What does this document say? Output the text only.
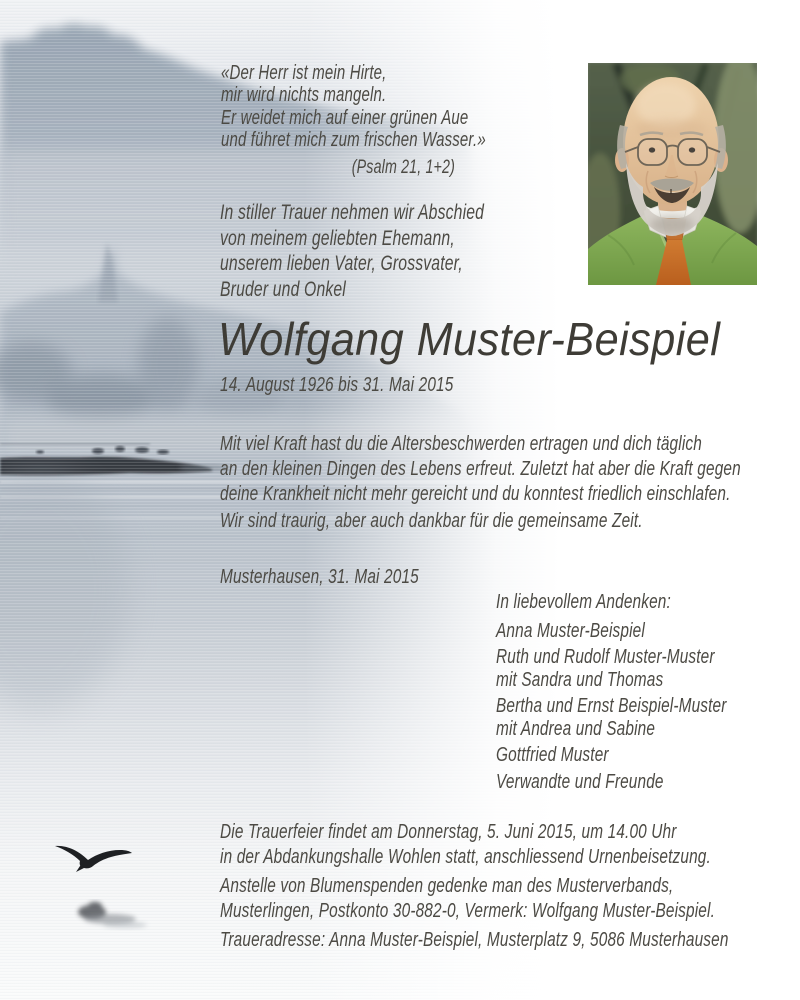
«Der Herr ist mein Hirte,
mir wird nichts mangeln.
Er weidet mich auf einer grünen Aue
und führet mich zum frischen Wasser.»
(Psalm 21, 1+2)
In stiller Trauer nehmen wir Abschied
von meinem geliebten Ehemann,
unserem lieben Vater, Grossvater,
Bruder und Onkel
Wolfgang Muster-Beispiel
14. August 1926 bis 31. Mai 2015
Mit viel Kraft hast du die Altersbeschwerden ertragen und dich täglich
an den kleinen Dingen des Lebens erfreut. Zuletzt hat aber die Kraft gegen
deine Krankheit nicht mehr gereicht und du konntest friedlich einschlafen.
Wir sind traurig, aber auch dankbar für die gemeinsame Zeit.
Musterhausen, 31. Mai 2015
In liebevollem Andenken:
Anna Muster-Beispiel
Ruth und Rudolf Muster-Muster
mit Sandra und Thomas
Bertha und Ernst Beispiel-Muster
mit Andrea und Sabine
Gottfried Muster
Verwandte und Freunde
Die Trauerfeier findet am Donnerstag, 5. Juni 2015, um 14.00 Uhr
in der Abdankungshalle Wohlen statt, anschliessend Urnenbeisetzung.
Anstelle von Blumenspenden gedenke man des Musterverbands,
Musterlingen, Postkonto 30-882-0, Vermerk: Wolfgang Muster-Beispiel.
Traueradresse: Anna Muster-Beispiel, Musterplatz 9, 5086 Musterhausen
